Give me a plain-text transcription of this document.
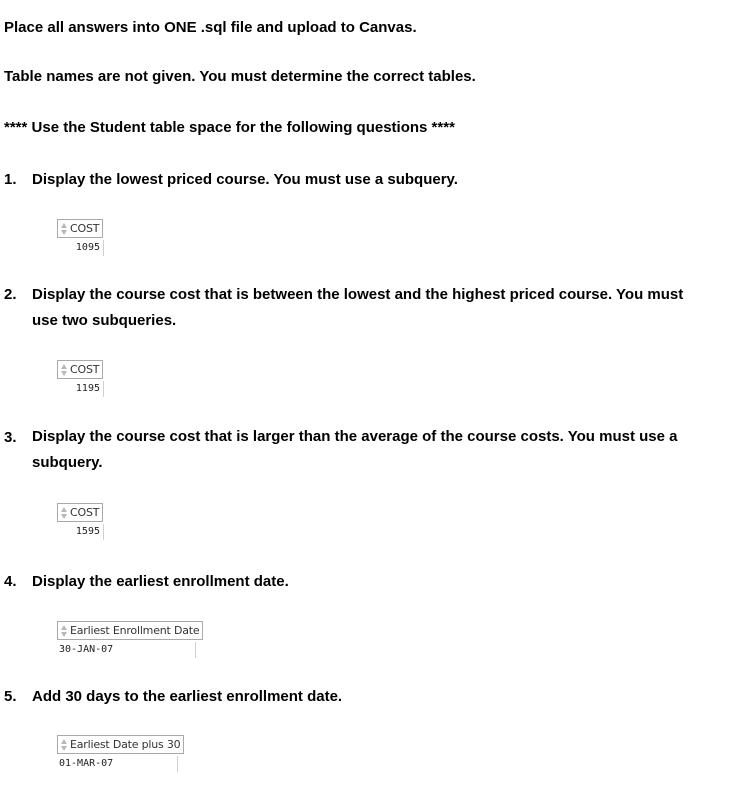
Place all answers into ONE .sql file and upload to Canvas.
Table names are not given. You must determine the correct tables.
**** Use the Student table space for the following questions ****
1. Display the lowest priced course. You must use a subquery.
COST
1095
2. Display the course cost that is between the lowest and the highest priced course. You must use two subqueries.
COST
1195
3. Display the course cost that is larger than the average of the course costs. You must use a subquery.
COST
1595
4. Display the earliest enrollment date.
Earliest Enrollment Date
30-JAN-07
5. Add 30 days to the earliest enrollment date.
Earliest Date plus 30
01-MAR-07
